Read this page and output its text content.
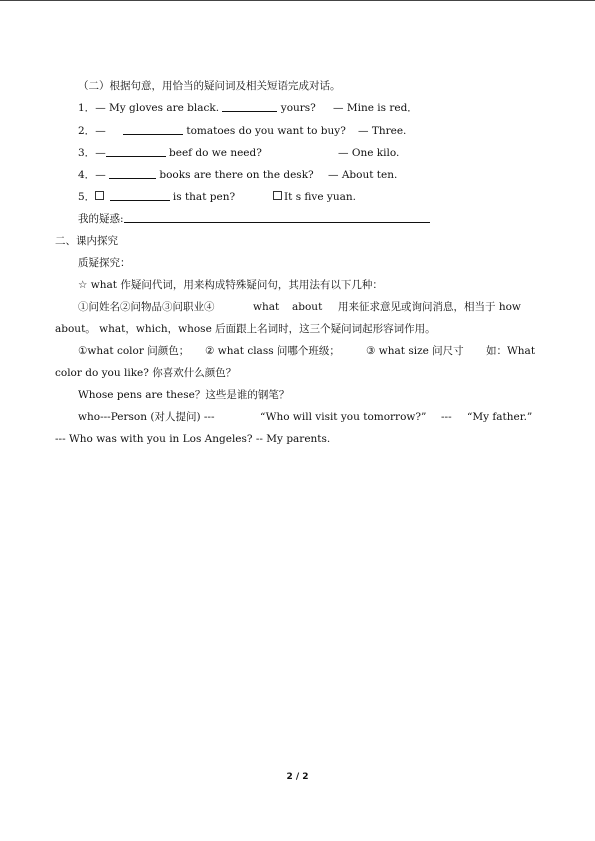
（二）根据句意，用恰当的疑问词及相关短语完成对话。
1．— My gloves are black.	yours? — Mine is red．
2．—	tomatoes do you want to buy? — Three.
3．—	beef do we need?	— One kilo.
4．—	books are there on the desk? — About ten.
5．	is that pen?	It s five yuan.
我的疑惑:
二、课内探究
质疑探究：
☆ what 作疑问代词，用来构成特殊疑问句，其用法有以下几种：
①问姓名②问物品③问职业④	what about 用来征求意见或询问消息，相当于 how
about。 what，which，whose 后面跟上名词时，这三个疑问词起形容词作用。
①what color 问颜色； ② what class 问哪个班级； ③ what size 问尺寸 如：What
color do you like? 你喜欢什么颜色？
Whose pens are these？这些是谁的钢笔？
who---Person (对人提问) ---	“Who will visit you tomorrow?” --- “My father.”
--- Who was with you in Los Angeles? -- My parents.
2 / 2
